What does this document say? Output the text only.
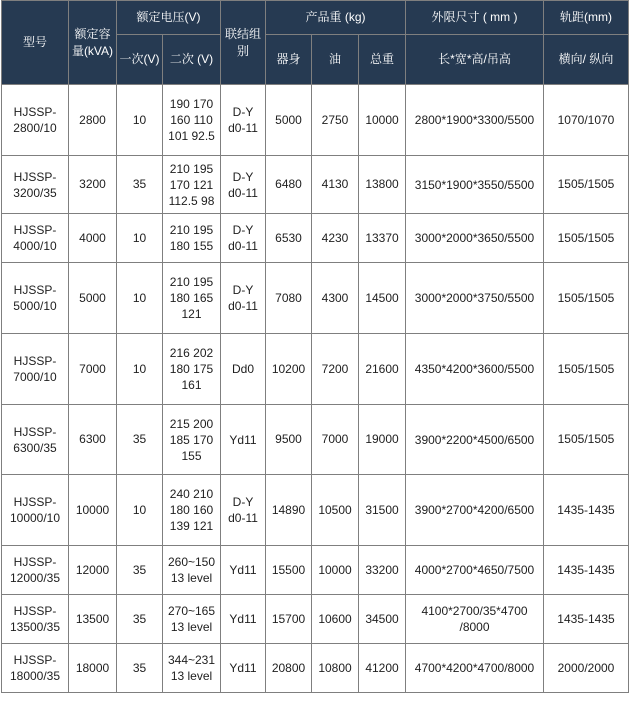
型号	额定容量(kVA)	额定电压(V)		联结组别	产品重 (kg)			外限尺寸 ( mm )	轨距(mm)
		一次(V)	二次 (V)		器身	油	总重	长*宽*高/吊高	横向/ 纵向

HJSSP-
2800/10	2800	10	190 170
160 110
101 92.5	D-Y
d0-11	5000	2750	10000	2800*1900*3300/5500	1070/1070

HJSSP-
3200/35	3200	35	210 195
170 121
112.5 98	D-Y
d0-11	6480	4130	13800	3150*1900*3550/5500	1505/1505

HJSSP-
4000/10	4000	10	210 195
180 155	D-Y
d0-11	6530	4230	13370	3000*2000*3650/5500	1505/1505

HJSSP-
5000/10	5000	10	210 195
180 165
121	D-Y
d0-11	7080	4300	14500	3000*2000*3750/5500	1505/1505

HJSSP-
7000/10	7000	10	216 202
180 175
161	Dd0	10200	7200	21600	4350*4200*3600/5500	1505/1505

HJSSP-
6300/35	6300	35	215 200
185 170
155	Yd11	9500	7000	19000	3900*2200*4500/6500	1505/1505

HJSSP-
10000/10	10000	10	240 210
180 160
139 121	D-Y
d0-11	14890	10500	31500	3900*2700*4200/6500	1435-1435

HJSSP-
12000/35	12000	35	260~150
13 level	Yd11	15500	10000	33200	4000*2700*4650/7500	1435-1435

HJSSP-
13500/35	13500	35	270~165
13 level	Yd11	15700	10600	34500	4100*2700/35*4700
/8000	1435-1435

HJSSP-
18000/35	18000	35	344~231
13 level	Yd11	20800	10800	41200	4700*4200*4700/8000	2000/2000
